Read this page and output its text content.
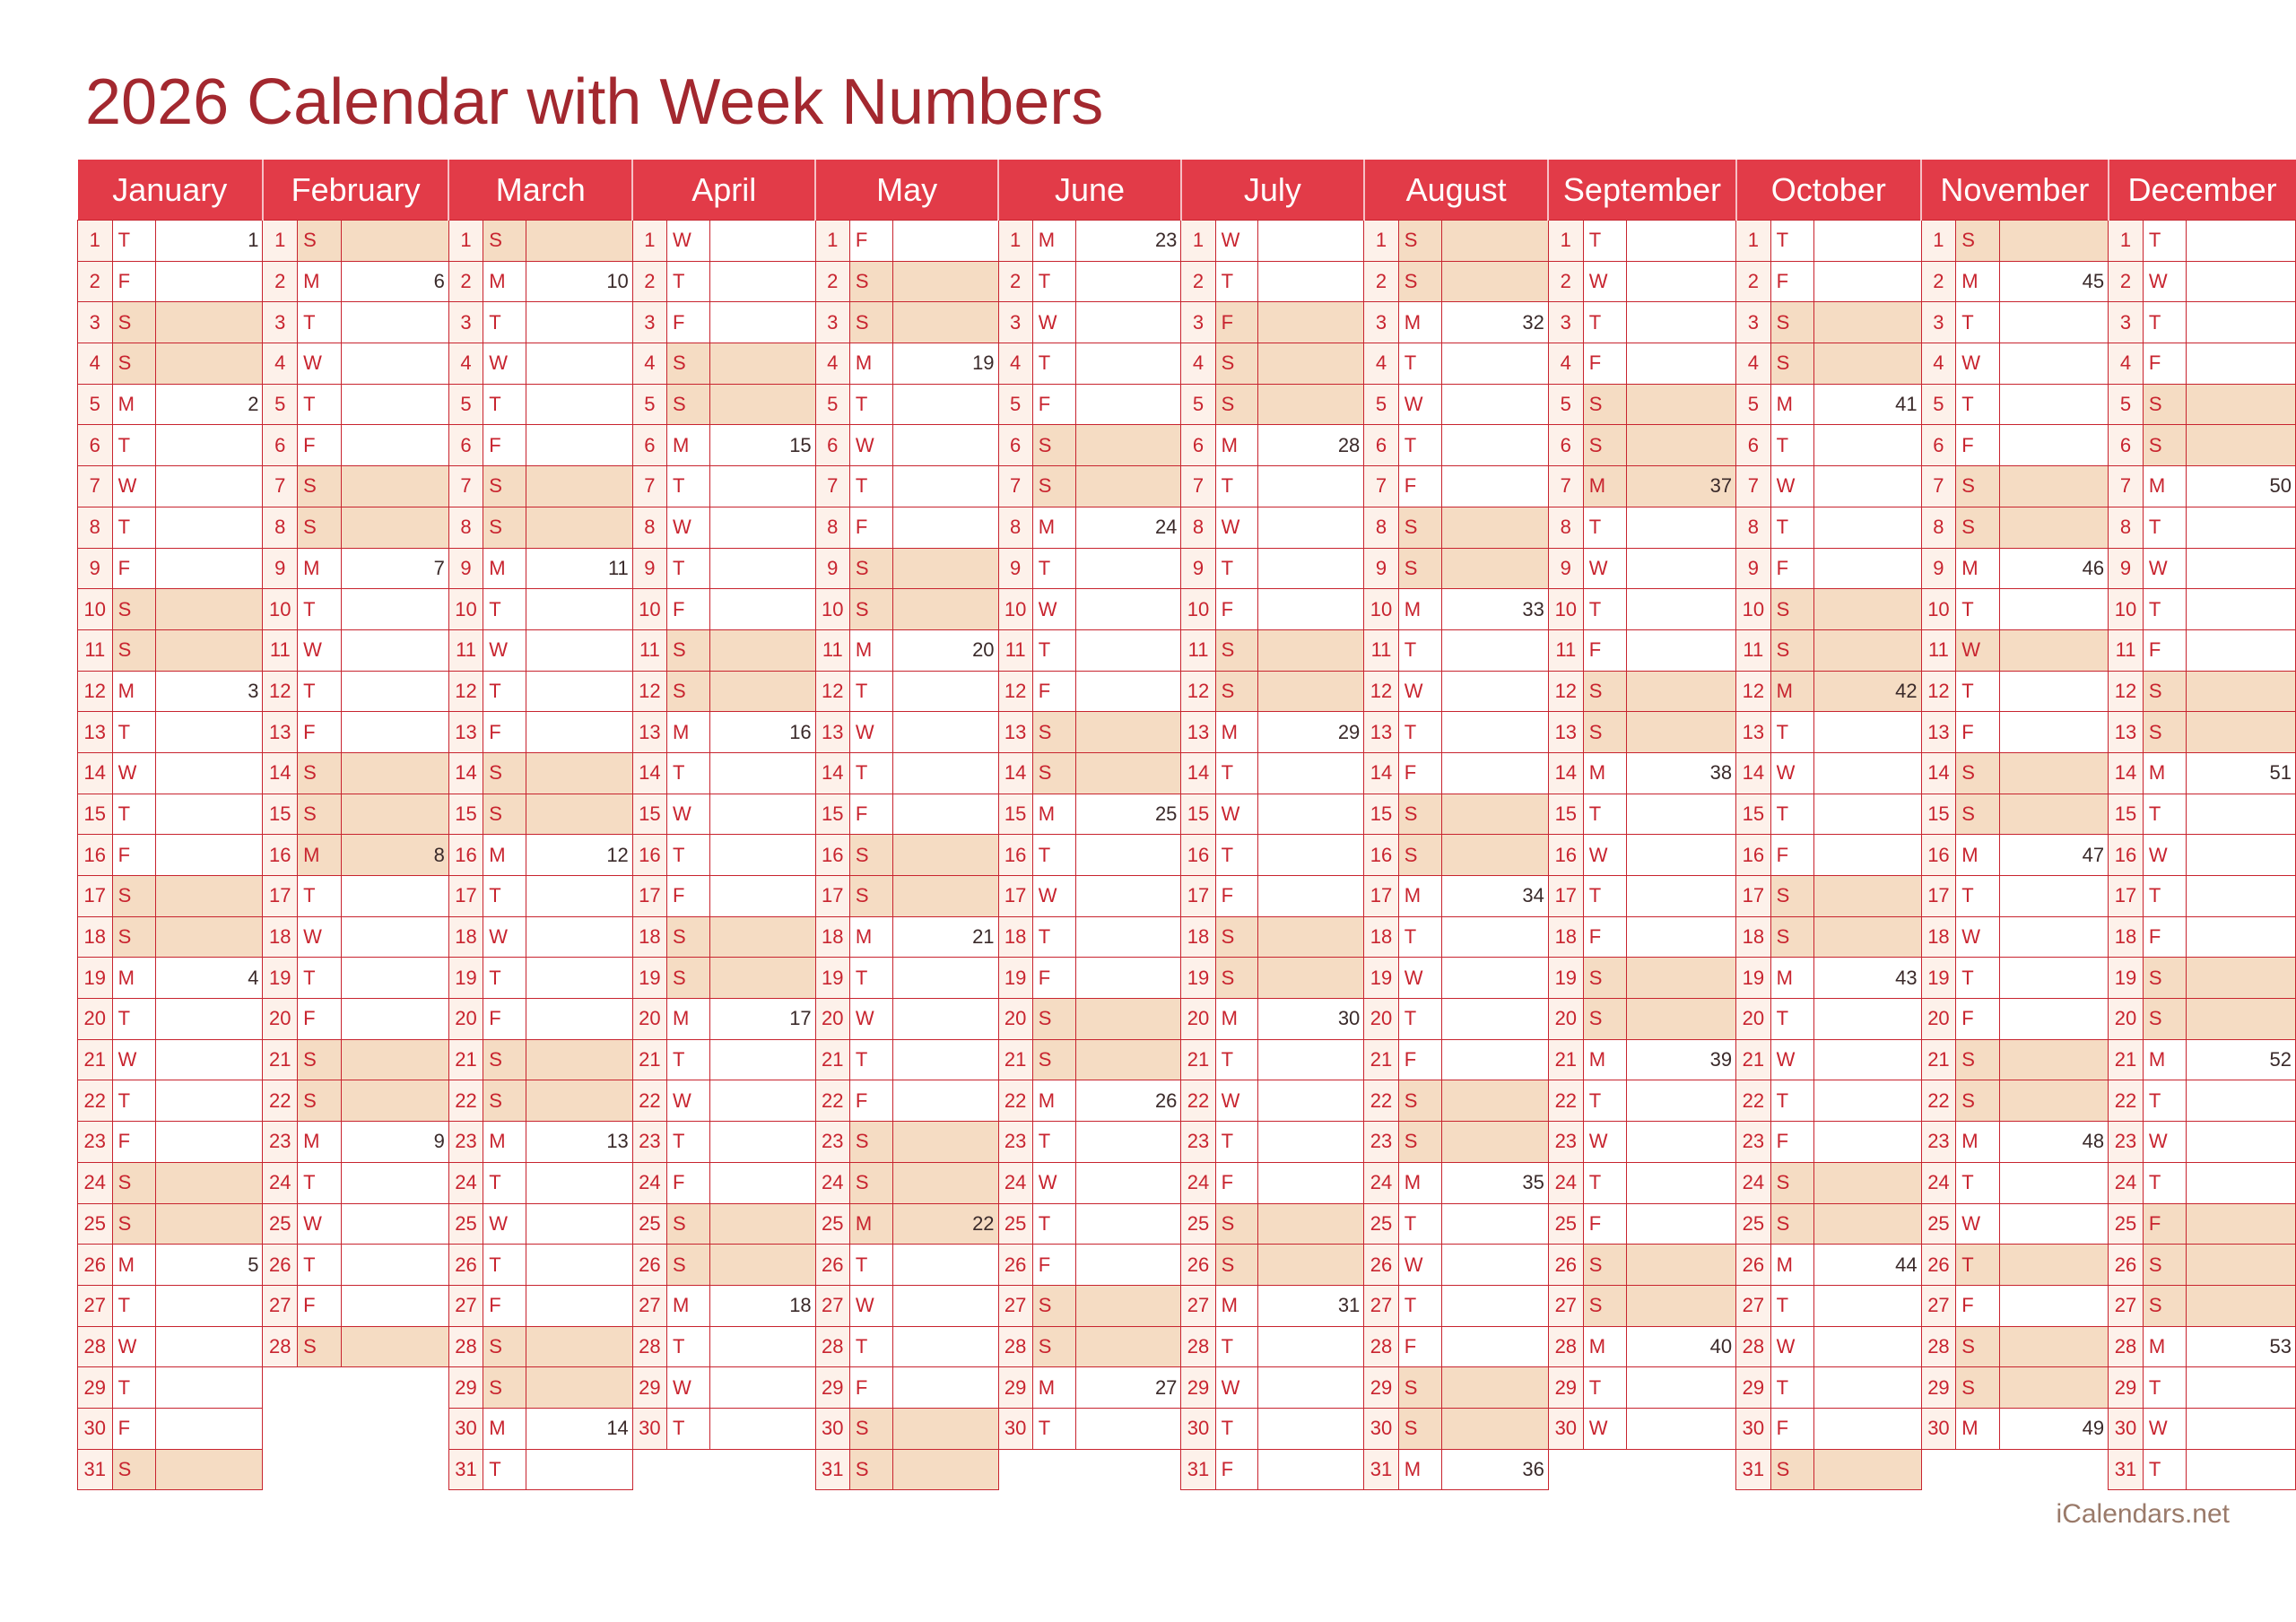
2026 Calendar with Week Numbers
January			February			March			April			May			June			July			August			September			October			November			December		
1	T	1	1	S		1	S		1	W		1	F		1	M	23	1	W		1	S		1	T		1	T		1	S		1	T	
2	F		2	M	6	2	M	10	2	T		2	S		2	T		2	T		2	S		2	W		2	F		2	M	45	2	W	
3	S		3	T		3	T		3	F		3	S		3	W		3	F		3	M	32	3	T		3	S		3	T		3	T	
4	S		4	W		4	W		4	S		4	M	19	4	T		4	S		4	T		4	F		4	S		4	W		4	F	
5	M	2	5	T		5	T		5	S		5	T		5	F		5	S		5	W		5	S		5	M	41	5	T		5	S	
6	T		6	F		6	F		6	M	15	6	W		6	S		6	M	28	6	T		6	S		6	T		6	F		6	S	
7	W		7	S		7	S		7	T		7	T		7	S		7	T		7	F		7	M	37	7	W		7	S		7	M	50
8	T		8	S		8	S		8	W		8	F		8	M	24	8	W		8	S		8	T		8	T		8	S		8	T	
9	F		9	M	7	9	M	11	9	T		9	S		9	T		9	T		9	S		9	W		9	F		9	M	46	9	W	
10	S		10	T		10	T		10	F		10	S		10	W		10	F		10	M	33	10	T		10	S		10	T		10	T	
11	S		11	W		11	W		11	S		11	M	20	11	T		11	S		11	T		11	F		11	S		11	W		11	F	
12	M	3	12	T		12	T		12	S		12	T		12	F		12	S		12	W		12	S		12	M	42	12	T		12	S	
13	T		13	F		13	F		13	M	16	13	W		13	S		13	M	29	13	T		13	S		13	T		13	F		13	S	
14	W		14	S		14	S		14	T		14	T		14	S		14	T		14	F		14	M	38	14	W		14	S		14	M	51
15	T		15	S		15	S		15	W		15	F		15	M	25	15	W		15	S		15	T		15	T		15	S		15	T	
16	F		16	M	8	16	M	12	16	T		16	S		16	T		16	T		16	S		16	W		16	F		16	M	47	16	W	
17	S		17	T		17	T		17	F		17	S		17	W		17	F		17	M	34	17	T		17	S		17	T		17	T	
18	S		18	W		18	W		18	S		18	M	21	18	T		18	S		18	T		18	F		18	S		18	W		18	F	
19	M	4	19	T		19	T		19	S		19	T		19	F		19	S		19	W		19	S		19	M	43	19	T		19	S	
20	T		20	F		20	F		20	M	17	20	W		20	S		20	M	30	20	T		20	S		20	T		20	F		20	S	
21	W		21	S		21	S		21	T		21	T		21	S		21	T		21	F		21	M	39	21	W		21	S		21	M	52
22	T		22	S		22	S		22	W		22	F		22	M	26	22	W		22	S		22	T		22	T		22	S		22	T	
23	F		23	M	9	23	M	13	23	T		23	S		23	T		23	T		23	S		23	W		23	F		23	M	48	23	W	
24	S		24	T		24	T		24	F		24	S		24	W		24	F		24	M	35	24	T		24	S		24	T		24	T	
25	S		25	W		25	W		25	S		25	M	22	25	T		25	S		25	T		25	F		25	S		25	W		25	F	
26	M	5	26	T		26	T		26	S		26	T		26	F		26	S		26	W		26	S		26	M	44	26	T		26	S	
27	T		27	F		27	F		27	M	18	27	W		27	S		27	M	31	27	T		27	S		27	T		27	F		27	S	
28	W		28	S		28	S		28	T		28	T		28	S		28	T		28	F		28	M	40	28	W		28	S		28	M	53
29	T					29	S		29	W		29	F		29	M	27	29	W		29	S		29	T		29	T		29	S		29	T	
30	F					30	M	14	30	T		30	S		30	T		30	T		30	S		30	W		30	F		30	M	49	30	W	
31	S					31	T					31	S					31	F		31	M	36				31	S					31	T	

iCalendars.net
